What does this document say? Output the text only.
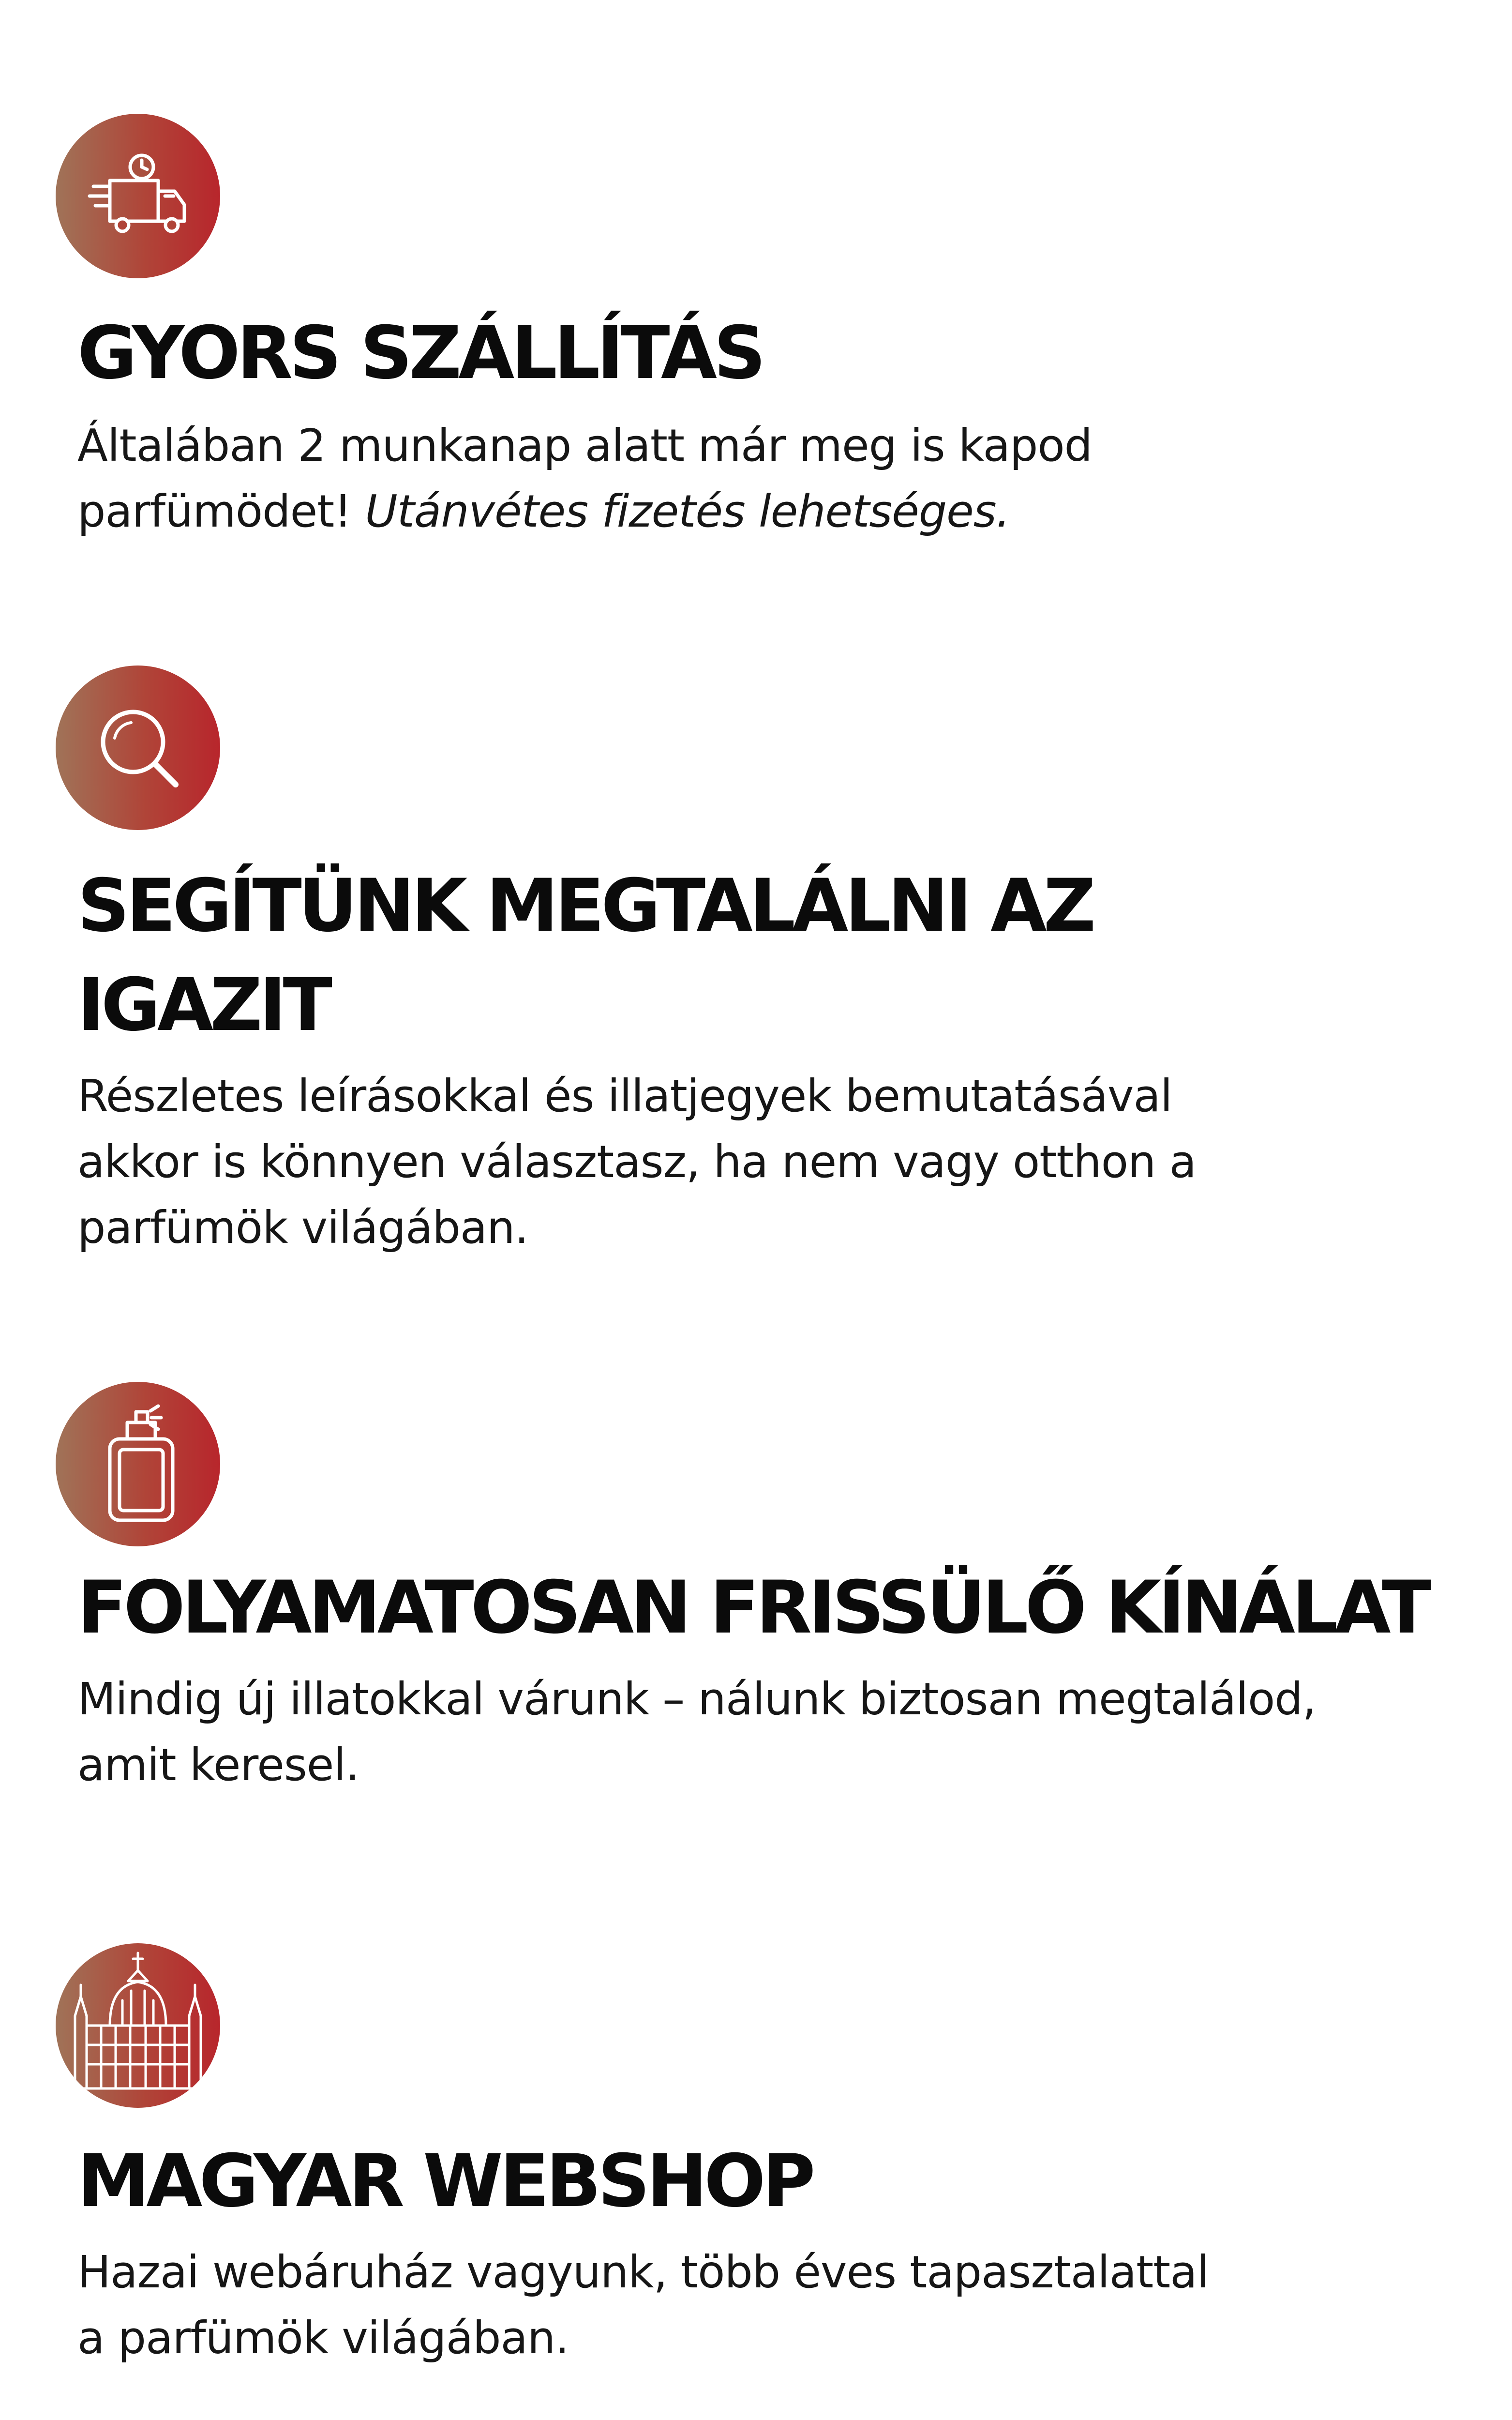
GYORS SZÁLLÍTÁS

Általában 2 munkanap alatt már meg is kapod

parfümödet! Utánvétes fizetés lehetséges.

SEGÍTÜNK MEGTALÁLNI AZ
IGAZIT

Részletes leírásokkal és illatjegyek bemutatásával

akkor is könnyen választasz, ha nem vagy otthon a

parfümök világában.

FOLYAMATOSAN FRISSÜLŐ KÍNÁLAT

Mindig új illatokkal várunk – nálunk biztosan megtalálod,

amit keresel.

MAGYAR WEBSHOP

Hazai webáruház vagyunk, több éves tapasztalattal

a parfümök világában.
